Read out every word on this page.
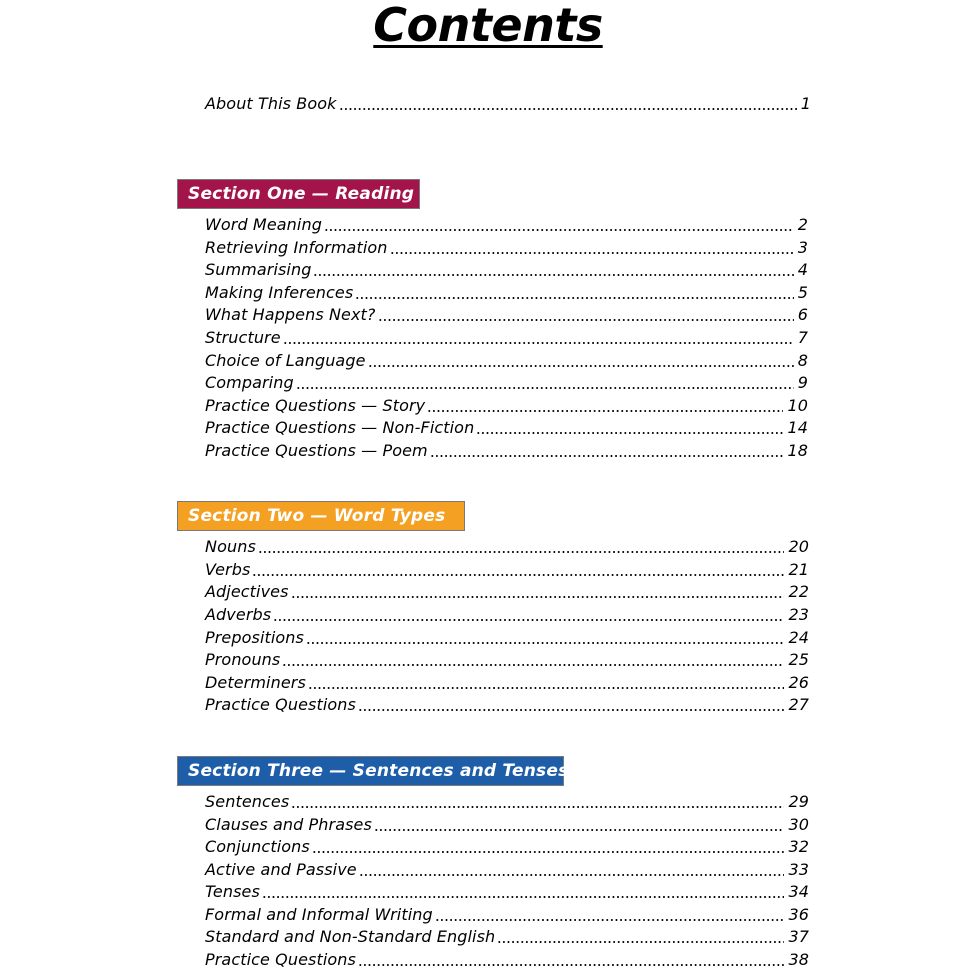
Contents
About This Book	1
Section One — Reading
Word Meaning	2
Retrieving Information	3
Summarising	4
Making Inferences	5
What Happens Next?	6
Structure	7
Choice of Language	8
Comparing	9
Practice Questions — Story	10
Practice Questions — Non-Fiction	14
Practice Questions — Poem	18
Section Two — Word Types
Nouns	20
Verbs	21
Adjectives	22
Adverbs	23
Prepositions	24
Pronouns	25
Determiners	26
Practice Questions	27
Section Three — Sentences and Tenses
Sentences	29
Clauses and Phrases	30
Conjunctions	32
Active and Passive	33
Tenses	34
Formal and Informal Writing	36
Standard and Non-Standard English	37
Practice Questions	38
